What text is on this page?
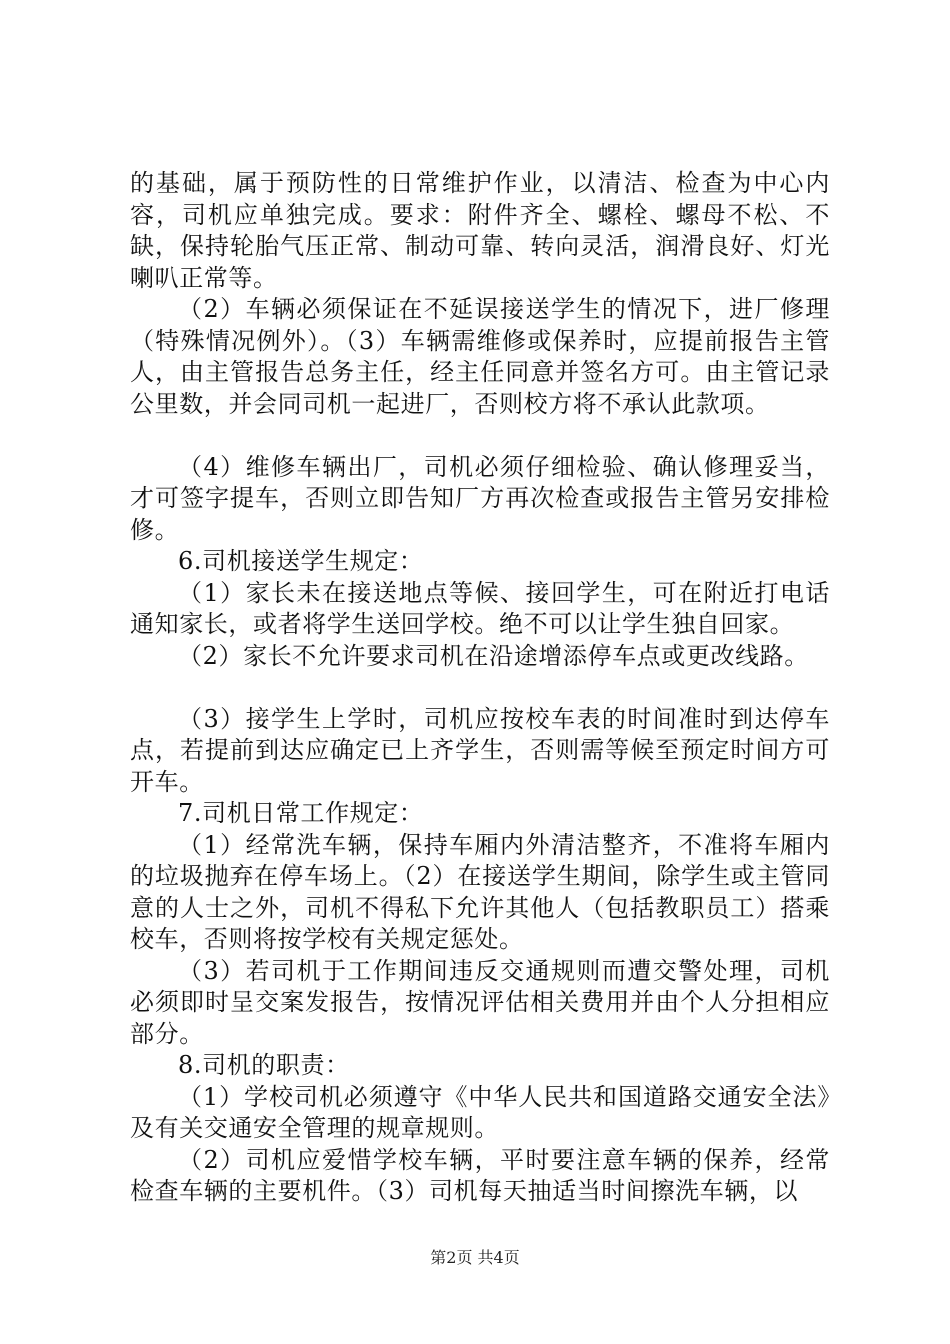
的基础，属于预防性的日常维护作业，以清洁、检查为中心内容，司机应单独完成。要求：附件齐全、螺栓、螺母不松、不缺，保持轮胎气压正常、制动可靠、转向灵活，润滑良好、灯光喇叭正常等。

（2）车辆必须保证在不延误接送学生的情况下，进厂修理（特殊情况例外）。（3）车辆需维修或保养时，应提前报告主管人，由主管报告总务主任，经主任同意并签名方可。由主管记录公里数，并会同司机一起进厂，否则校方将不承认此款项。

（4）维修车辆出厂，司机必须仔细检验、确认修理妥当，才可签字提车，否则立即告知厂方再次检查或报告主管另安排检修。

6.司机接送学生规定：

（1）家长未在接送地点等候、接回学生，可在附近打电话通知家长，或者将学生送回学校。绝不可以让学生独自回家。

（2）家长不允许要求司机在沿途增添停车点或更改线路。

（3）接学生上学时，司机应按校车表的时间准时到达停车点，若提前到达应确定已上齐学生，否则需等候至预定时间方可开车。

7.司机日常工作规定：

（1）经常洗车辆，保持车厢内外清洁整齐，不准将车厢内的垃圾抛弃在停车场上。（2）在接送学生期间，除学生或主管同意的人士之外，司机不得私下允许其他人（包括教职员工）搭乘校车，否则将按学校有关规定惩处。

（3）若司机于工作期间违反交通规则而遭交警处理，司机必须即时呈交案发报告，按情况评估相关费用并由个人分担相应部分。

8.司机的职责：

（1）学校司机必须遵守《中华人民共和国道路交通安全法》及有关交通安全管理的规章规则。

（2）司机应爱惜学校车辆，平时要注意车辆的保养，经常检查车辆的主要机件。（3）司机每天抽适当时间擦洗车辆，以

第2页 共4页
